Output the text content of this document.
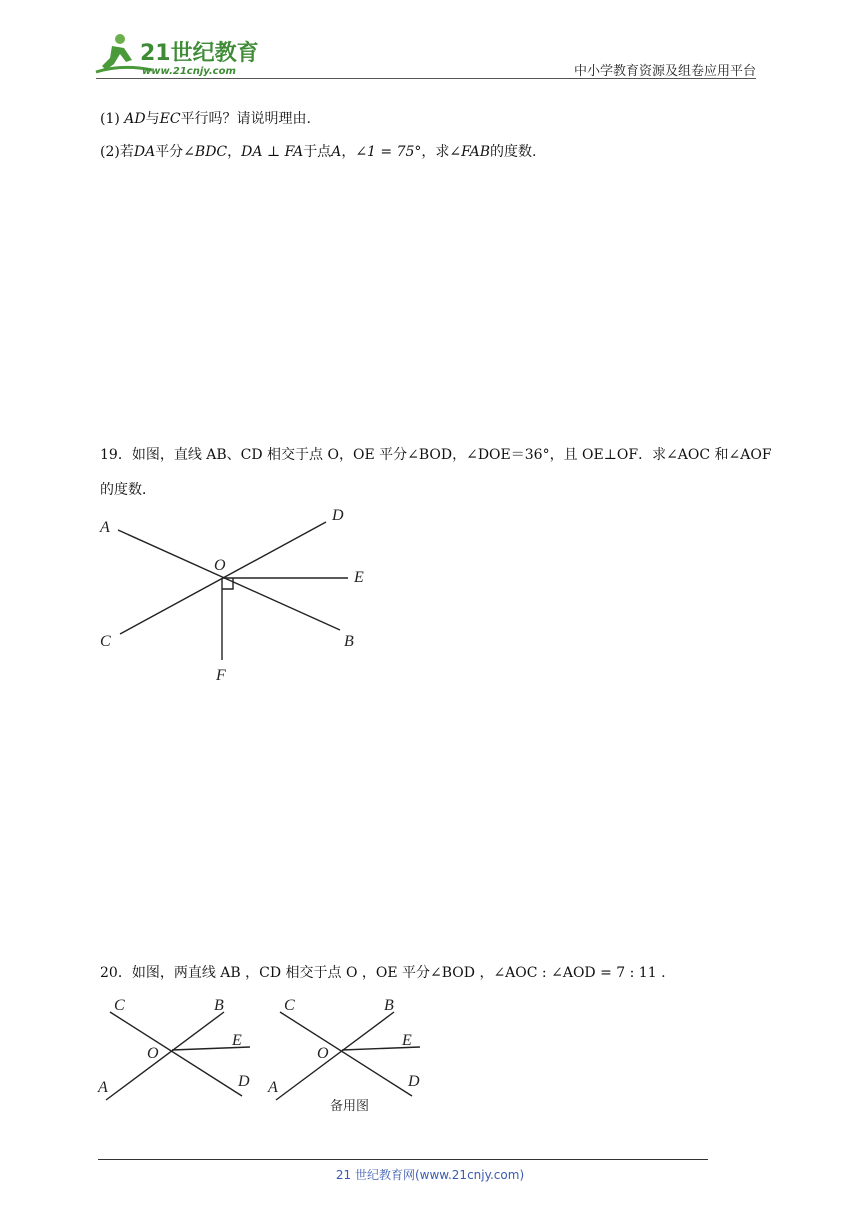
21世纪教育
www.21cnjy.com	中小学教育资源及组卷应用平台
(1) AD与EC平行吗？请说明理由.
(2)若DA平分∠BDC，DA ⊥ FA于点A，∠1 = 75°，求∠FAB的度数.
19．如图，直线 AB、CD 相交于点 O，OE 平分∠BOD，∠DOE＝36°，且 OE⊥OF．求∠AOC 和∠AOF
的度数．
A
D
O
E
C	B
F
20．如图，两直线 AB ，CD 相交于点 O ，OE 平分∠BOD ，∠AOC : ∠AOD = 7 : 11 .
C	B
E
O
A	D
C	B
E
O
A	D
备用图
21 世纪教育网(www.21cnjy.com)
